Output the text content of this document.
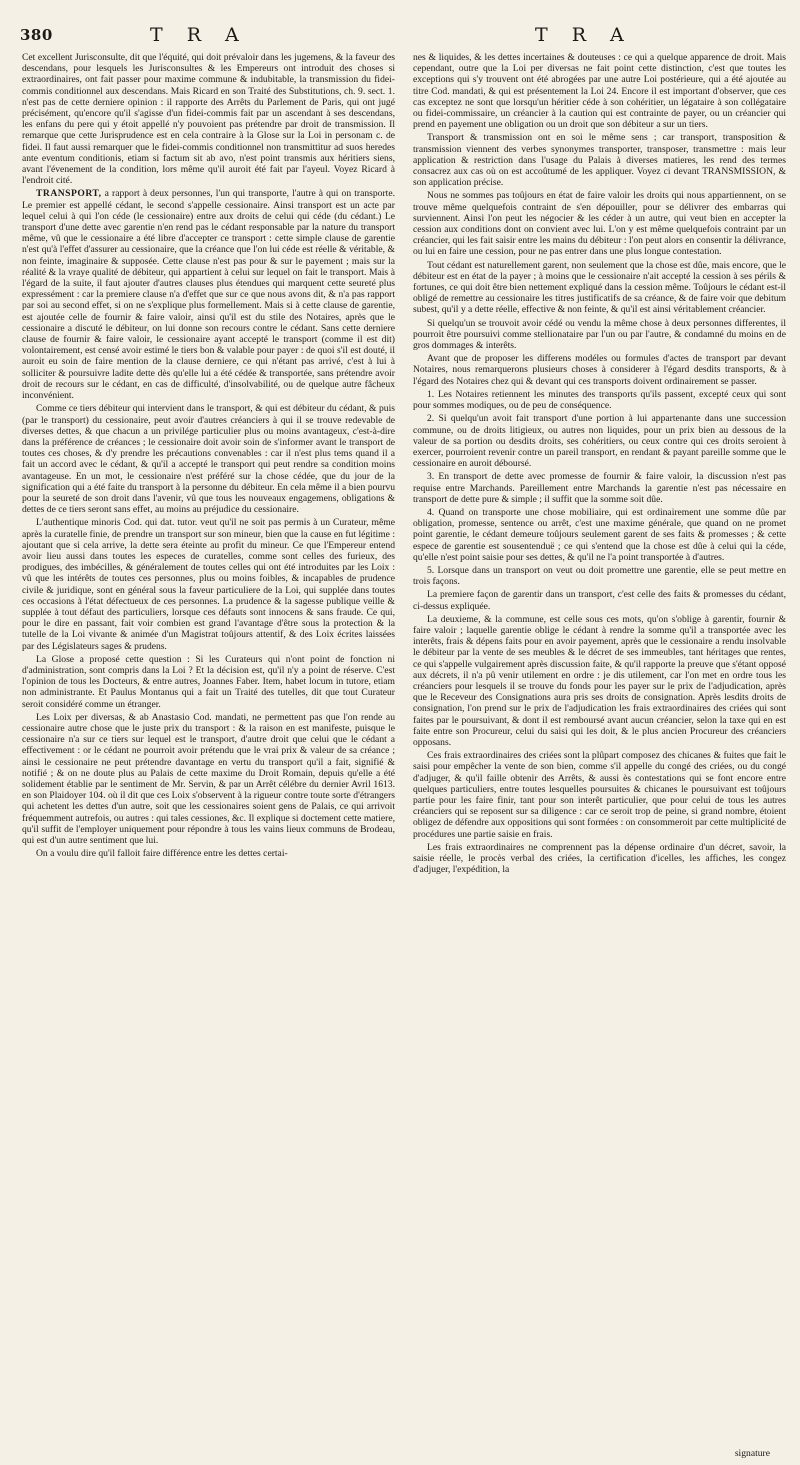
380	T R A	T R A

Cet excellent Jurisconsulte, dit que l'équité, qui doit prévaloir dans les jugemens, & la faveur des descendans, pour lesquels les Jurisconsultes & les Empereurs ont introduit des choses si extraordinaires, ont fait passer pour maxime commune & indubitable, la transmission du fidei-commis conditionnel aux descendans. Mais Ricard en son Traité des Substitutions, ch. 9. sect. 1. n'est pas de cette derniere opinion : il rapporte des Arrêts du Parlement de Paris, qui ont jugé précisément, qu'encore qu'il s'agisse d'un fidei-commis fait par un ascendant à ses descendans, les enfans du pere qui y étoit appellé n'y pouvoient pas prétendre par droit de transmission. Il remarque que cette Jurisprudence est en cela contraire à la Glose sur la Loi in personam c. de fidei. Il faut aussi remarquer que le fidei-commis conditionnel non transmittitur ad suos heredes ante eventum conditionis, etiam si factum sit ab avo, n'est point transmis aux héritiers siens, avant l'évenement de la condition, lors même qu'il auroit été fait par l'ayeul. Voyez Ricard à l'endroit cité.

TRANSPORT, a rapport à deux personnes, l'un qui transporte, l'autre à qui on transporte. Le premier est appellé cédant, le second s'appelle cessionaire. Ainsi transport est un acte par lequel celui à qui l'on céde (le cessionaire) entre aux droits de celui qui céde (du cédant.) Le transport d'une dette avec garentie n'en rend pas le cédant responsable par la nature du transport même, vû que le cessionaire a été libre d'accepter ce transport : cette simple clause de garentie n'est qu'à l'effet d'assurer au cessionaire, que la créance que l'on lui céde est réelle & véritable, & non feinte, imaginaire & supposée. Cette clause n'est pas pour & sur le payement ; mais sur la réalité & la vraye qualité de débiteur, qui appartient à celui sur lequel on fait le transport. Mais à l'égard de la suite, il faut ajouter d'autres clauses plus étendues qui marquent cette seureté plus expressément : car la premiere clause n'a d'effet que sur ce que nous avons dit, & n'a pas rapport par soi au second effet, si on ne s'explique plus formellement. Mais si à cette clause de garentie, est ajoutée celle de fournir & faire valoir, ainsi qu'il est du stile des Notaires, après que le cessionaire a discuté le débiteur, on lui donne son recours contre le cédant. Sans cette derniere clause de fournir & faire valoir, le cessionaire ayant accepté le transport (comme il est dit) volontairement, est censé avoir estimé le tiers bon & valable pour payer : de quoi s'il est douté, il auroit eu soin de faire mention de la clause derniere, ce qui n'étant pas arrivé, c'est à lui à solliciter & poursuivre ladite dette dès qu'elle lui a été cédée & transportée, sans prétendre avoir droit de recours sur le cédant, en cas de difficulté, d'insolvabilité, ou de quelque autre fâcheux inconvénient.

Comme ce tiers débiteur qui intervient dans le transport, & qui est débiteur du cédant, & puis (par le transport) du cessionaire, peut avoir d'autres créanciers à qui il se trouve redevable de diverses dettes, & que chacun a un privilége particulier plus ou moins avantageux, c'est-à-dire dans la préférence de créances ; le cessionaire doit avoir soin de s'informer avant le transport de toutes ces choses, & d'y prendre les précautions convenables : car il n'est plus tems quand il a fait un accord avec le cédant, & qu'il a accepté le transport qui peut rendre sa condition moins avantageuse. En un mot, le cessionaire n'est préféré sur la chose cédée, que du jour de la signification qui a été faite du transport à la personne du débiteur. En cela même il a bien pourvu pour la seureté de son droit dans l'avenir, vû que tous les nouveaux engagemens, obligations & dettes de ce tiers seront sans effet, au moins au préjudice du cessionaire.

L'authentique minoris Cod. qui dat. tutor. veut qu'il ne soit pas permis à un Curateur, même après la curatelle finie, de prendre un transport sur son mineur, bien que la cause en fut légitime : ajoutant que si cela arrive, la dette sera éteinte au profit du mineur. Ce que l'Empereur entend avoir lieu aussi dans toutes les especes de curatelles, comme sont celles des furieux, des prodigues, des imbécilles, & généralement de toutes celles qui ont été introduites par les Loix : vû que les intérêts de toutes ces personnes, plus ou moins foibles, & incapables de prudence civile & juridique, sont en général sous la faveur particuliere de la Loi, qui supplée dans toutes ces occasions à l'état défectueux de ces personnes. La prudence & la sagesse publique veille & supplée à tout défaut des particuliers, lorsque ces défauts sont innocens & sans fraude. Ce qui, pour le dire en passant, fait voir combien est grand l'avantage d'être sous la protection & la tutelle de la Loi vivante & animée d'un Magistrat toûjours attentif, & des Loix écrites laissées par des Législateurs sages & prudens.

La Glose a proposé cette question : Si les Curateurs qui n'ont point de fonction ni d'administration, sont compris dans la Loi ? Et la décision est, qu'il n'y a point de réserve. C'est l'opinion de tous les Docteurs, & entre autres, Joannes Faber. Item, habet locum in tutore, etiam non administrante. Et Paulus Montanus qui a fait un Traité des tutelles, dit que tout Curateur seroit considéré comme un étranger.

Les Loix per diversas, & ab Anastasio Cod. mandati, ne permettent pas que l'on rende au cessionaire autre chose que le juste prix du transport : & la raison en est manifeste, puisque le cessionaire n'a sur ce tiers sur lequel est le transport, d'autre droit que celui que le cédant a effectivement : or le cédant ne pourroit avoir prétendu que le vrai prix & valeur de sa créance ; ainsi le cessionaire ne peut prétendre davantage en vertu du transport qu'il a fait, signifié & notifié ; & on ne doute plus au Palais de cette maxime du Droit Romain, depuis qu'elle a été solidement établie par le sentiment de Mr. Servin, & par un Arrêt célébre du dernier Avril 1613. en son Plaidoyer 104. où il dit que ces Loix s'observent à la rigueur contre toute sorte d'étrangers qui achetent les dettes d'un autre, soit que les cessionaires soient gens de Palais, ce qui arrivoit fréquemment autrefois, ou autres : qui tales cessiones, &c. Il explique si doctement cette matiere, qu'il suffit de l'employer uniquement pour répondre à tous les vains lieux communs de Brodeau, qui est d'un autre sentiment que lui.

On a voulu dire qu'il falloit faire différence entre les dettes certai-

nes & liquides, & les dettes incertaines & douteuses : ce qui a quelque apparence de droit. Mais cependant, outre que la Loi per diversas ne fait point cette distinction, c'est que toutes les exceptions qui s'y trouvent ont été abrogées par une autre Loi postérieure, qui a été ajoutée au titre Cod. mandati, & qui est présentement la Loi 24. Encore il est important d'observer, que ces cas exceptez ne sont que lorsqu'un héritier céde à son cohéritier, un légataire à son collégataire ou fidei-commissaire, un créancier à la caution qui est contrainte de payer, ou un créancier qui prend en payement une obligation ou un droit que son débiteur a sur un tiers.

Transport & transmission ont en soi le même sens ; car transport, transposition & transmission viennent des verbes synonymes transporter, transposer, transmettre : mais leur application & restriction dans l'usage du Palais à diverses matieres, les rend des termes consacrez aux cas où on est accoûtumé de les appliquer. Voyez ci devant TRANSMISSION, & son application précise.

Nous ne sommes pas toûjours en état de faire valoir les droits qui nous appartiennent, on se trouve même quelquefois contraint de s'en dépouiller, pour se délivrer des embarras qui surviennent. Ainsi l'on peut les négocier & les céder à un autre, qui veut bien en accepter la cession aux conditions dont on convient avec lui. L'on y est même quelquefois contraint par un créancier, qui les fait saisir entre les mains du débiteur : l'on peut alors en consentir la délivrance, ou lui en faire une cession, pour ne pas entrer dans une plus longue contestation.

Tout cédant est naturellement garent, non seulement que la chose est dûe, mais encore, que le débiteur est en état de la payer ; à moins que le cessionaire n'ait accepté la cession à ses périls & fortunes, ce qui doit être bien nettement expliqué dans la cession même. Toûjours le cédant est-il obligé de remettre au cessionaire les titres justificatifs de sa créance, & de faire voir que debitum subest, qu'il y a dette réelle, effective & non feinte, & qu'il est ainsi véritablement créancier.

Si quelqu'un se trouvoit avoir cédé ou vendu la même chose à deux personnes differentes, il pourroit être poursuivi comme stellionataire par l'un ou par l'autre, & condamné du moins en de gros dommages & interêts.

Avant que de proposer les differens modéles ou formules d'actes de transport par devant Notaires, nous remarquerons plusieurs choses à considerer à l'égard desdits transports, & à l'égard des Notaires chez qui & devant qui ces transports doivent ordinairement se passer.

1. Les Notaires retiennent les minutes des transports qu'ils passent, excepté ceux qui sont pour sommes modiques, ou de peu de conséquence.

2. Si quelqu'un avoit fait transport d'une portion à lui appartenante dans une succession commune, ou de droits litigieux, ou autres non liquides, pour un prix bien au dessous de la valeur de sa portion ou desdits droits, ses cohéritiers, ou ceux contre qui ces droits seroient à exercer, pourroient revenir contre un pareil transport, en rendant & payant pareille somme que le cessionaire en auroit déboursé.

3. En transport de dette avec promesse de fournir & faire valoir, la discussion n'est pas requise entre Marchands. Pareillement entre Marchands la garentie n'est pas nécessaire en transport de dette pure & simple ; il suffit que la somme soit dûe.

4. Quand on transporte une chose mobiliaire, qui est ordinairement une somme dûe par obligation, promesse, sentence ou arrêt, c'est une maxime générale, que quand on ne promet point garentie, le cédant demeure toûjours seulement garent de ses faits & promesses ; & cette espece de garentie est sousentenduë ; ce qui s'entend que la chose est dûe à celui qui la céde, qu'elle n'est point saisie pour ses dettes, & qu'il ne l'a point transportée à d'autres.

5. Lorsque dans un transport on veut ou doit promettre une garentie, elle se peut mettre en trois façons.

La premiere façon de garentir dans un transport, c'est celle des faits & promesses du cédant, ci-dessus expliquée.

La deuxieme, & la commune, est celle sous ces mots, qu'on s'oblige à garentir, fournir & faire valoir ; laquelle garentie oblige le cédant à rendre la somme qu'il a transportée avec les interêts, frais & dépens faits pour en avoir payement, après que le cessionaire a rendu insolvable le débiteur par la vente de ses meubles & le décret de ses immeubles, tant héritages que rentes, ce qui s'appelle vulgairement après discussion faite, & qu'il rapporte la preuve que s'étant opposé aux décrets, il n'a pû venir utilement en ordre : je dis utilement, car l'on met en ordre tous les créanciers pour lesquels il se trouve du fonds pour les payer sur le prix de l'adjudication, après que le Receveur des Consignations aura pris ses droits de consignation. Après lesdits droits de consignation, l'on prend sur le prix de l'adjudication les frais extraordinaires des criées qui sont faites par le poursuivant, & dont il est remboursé avant aucun créancier, selon la taxe qui en est faite entre son Procureur, celui du saisi qui les doit, & le plus ancien Procureur des créanciers opposans.

Ces frais extraordinaires des criées sont la plûpart composez des chicanes & fuites que fait le saisi pour empêcher la vente de son bien, comme s'il appelle du congé des criées, ou du congé d'adjuger, & qu'il faille obtenir des Arrêts, & aussi ès contestations qui se font encore entre quelques particuliers, entre toutes lesquelles poursuites & chicanes le poursuivant est toûjours partie pour les faire finir, tant pour son interêt particulier, que pour celui de tous les autres créanciers qui se reposent sur sa diligence : car ce seroit trop de peine, si grand nombre, étoient obligez de défendre aux oppositions qui sont formées : on consommeroit par cette multiplicité de procédures une partie saisie en frais.

Les frais extraordinaires ne comprennent pas la dépense ordinaire d'un décret, savoir, la saisie réelle, le procès verbal des criées, la certification d'icelles, les affiches, les congez d'adjuger, l'expédition, la

signature
